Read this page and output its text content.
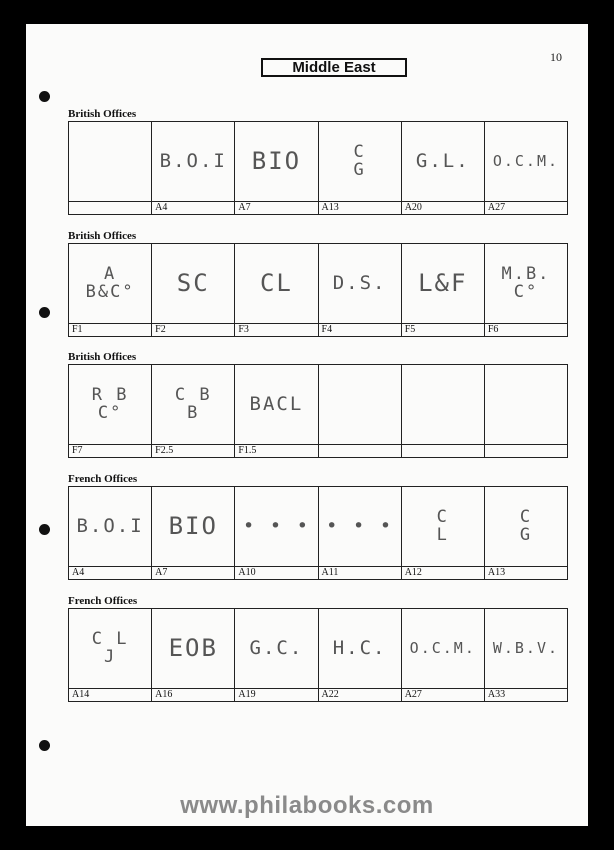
Middle East
10
British Offices
B.O.I
A4
BIO
A7
C
G
A13
G.L.
A20
O.C.M.
A27
British Offices
A
B&C°
F1
SC
F2
CL
F3
D.S.
F4
L&F
F5
M.B.
C°
F6
British Offices
R B
C°
F7
C B
B
F2.5
BACL
F1.5
French Offices
B.O.I
A4
BIO
A7
• • •
A10
• • •
A11
C
L
A12
C
G
A13
French Offices
C L
J
A14
EOB
A16
G.C.
A19
H.C.
A22
O.C.M.
A27
W.B.V.
A33
www.philabooks.com
